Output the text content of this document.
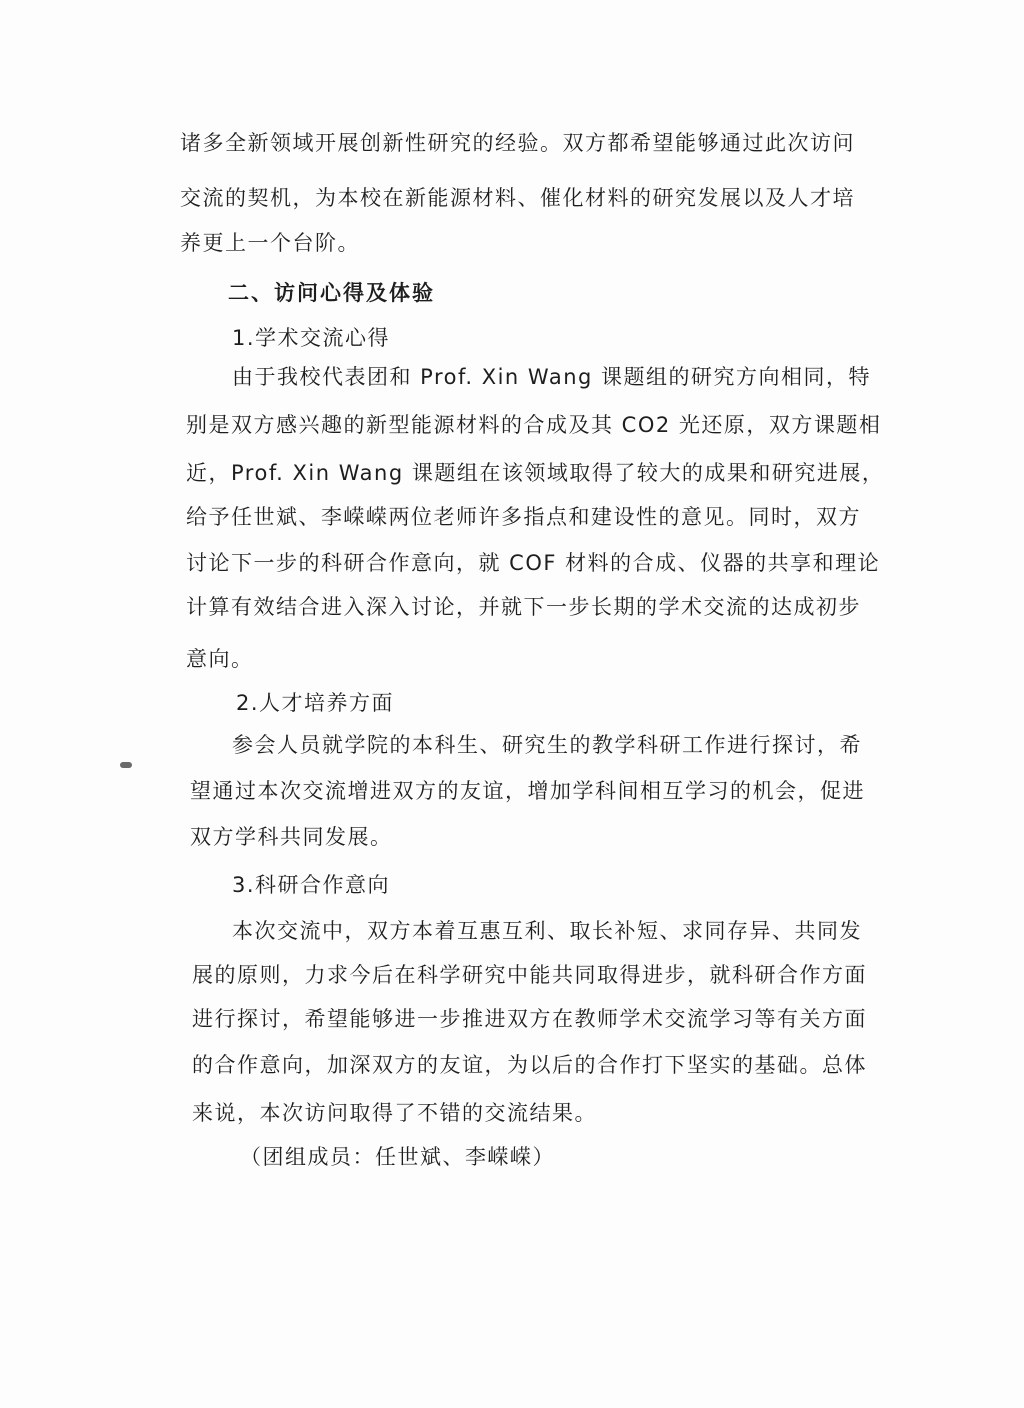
诸多全新领域开展创新性研究的经验。双方都希望能够通过此次访问
交流的契机，为本校在新能源材料、催化材料的研究发展以及人才培
养更上一个台阶。
二、访问心得及体验
1.学术交流心得
由于我校代表团和 Prof. Xin Wang 课题组的研究方向相同，特
别是双方感兴趣的新型能源材料的合成及其 CO2 光还原，双方课题相
近，Prof. Xin Wang 课题组在该领域取得了较大的成果和研究进展，
给予任世斌、李嵘嵘两位老师许多指点和建设性的意见。同时，双方
讨论下一步的科研合作意向，就 COF 材料的合成、仪器的共享和理论
计算有效结合进入深入讨论，并就下一步长期的学术交流的达成初步
意向。
2.人才培养方面
参会人员就学院的本科生、研究生的教学科研工作进行探讨，希
望通过本次交流增进双方的友谊，增加学科间相互学习的机会，促进
双方学科共同发展。
3.科研合作意向
本次交流中，双方本着互惠互利、取长补短、求同存异、共同发
展的原则，力求今后在科学研究中能共同取得进步，就科研合作方面
进行探讨，希望能够进一步推进双方在教师学术交流学习等有关方面
的合作意向，加深双方的友谊，为以后的合作打下坚实的基础。总体
来说，本次访问取得了不错的交流结果。
（团组成员：任世斌、李嵘嵘）
